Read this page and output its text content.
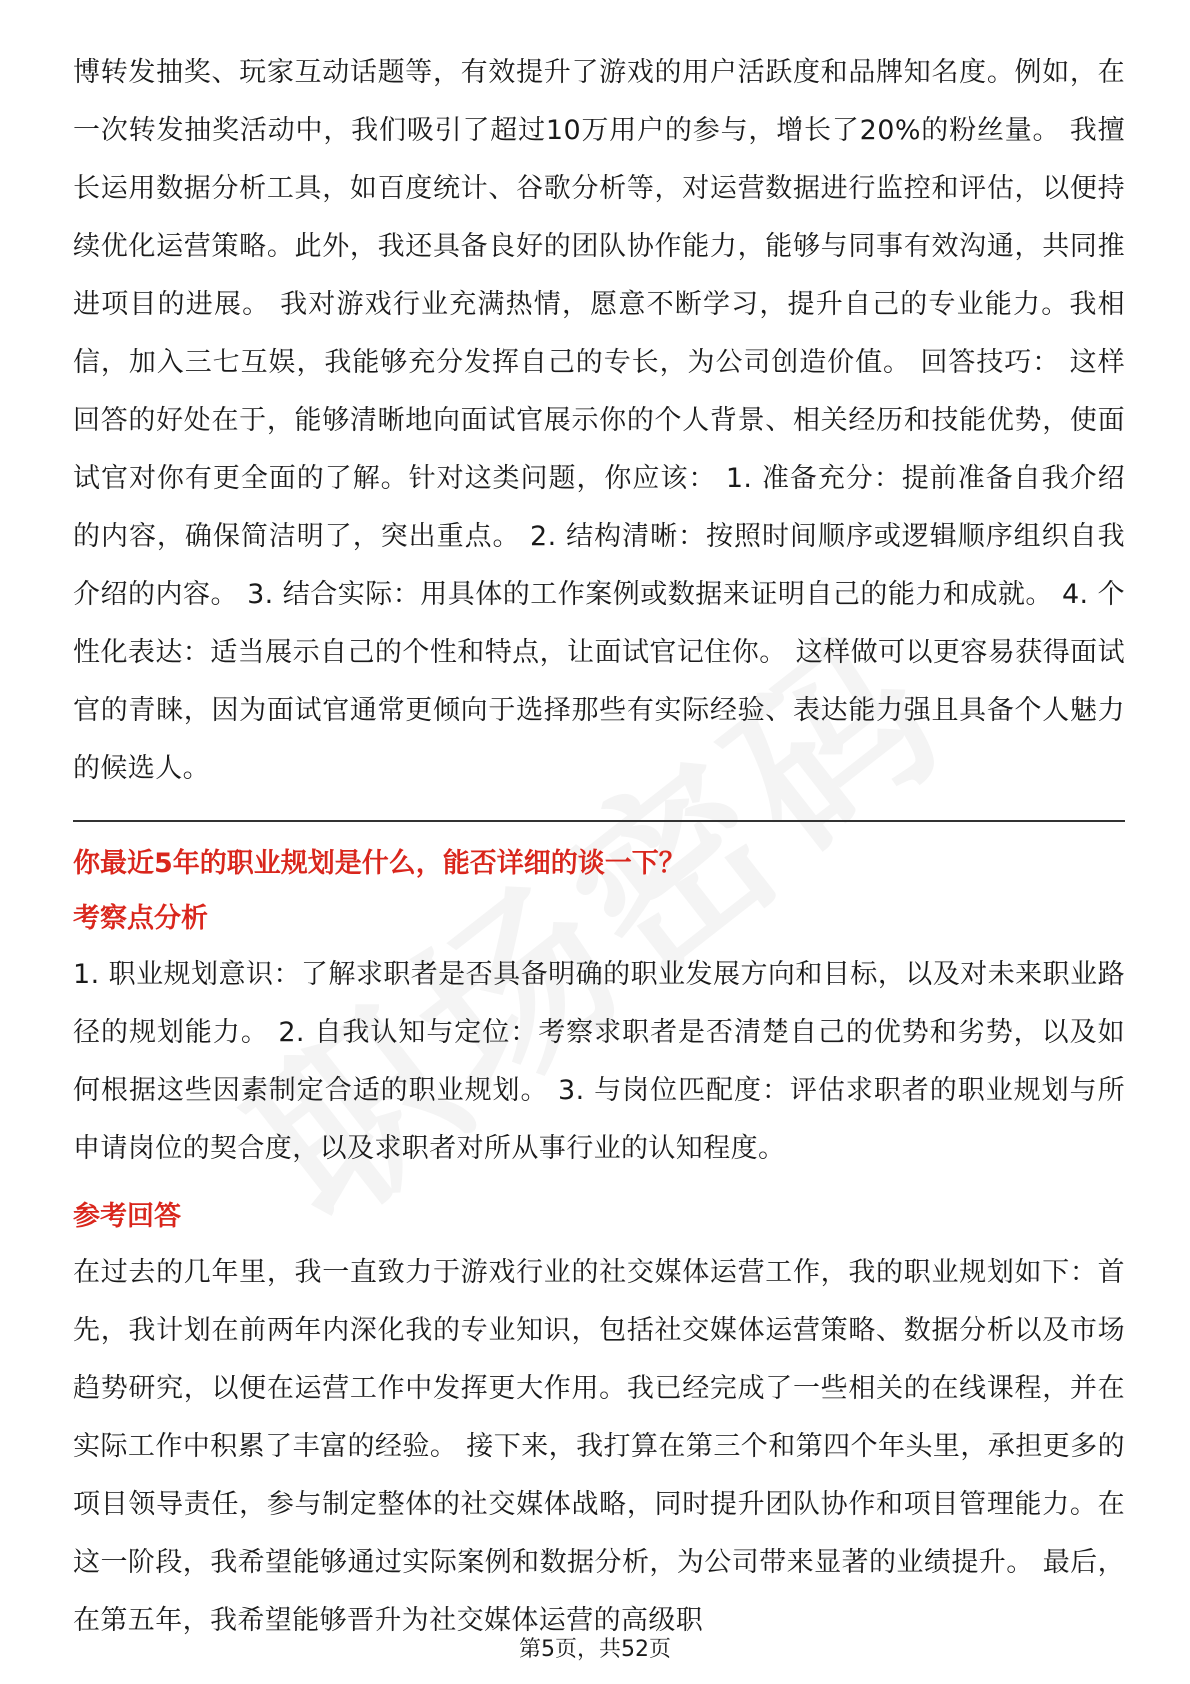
博转发抽奖、玩家互动话题等，有效提升了游戏的用户活跃度和品牌知名度。例如，在一次转发抽奖活动中，我们吸引了超过10万用户的参与，增长了20%的粉丝量。 我擅长运用数据分析工具，如百度统计、谷歌分析等，对运营数据进行监控和评估，以便持续优化运营策略。此外，我还具备良好的团队协作能力，能够与同事有效沟通，共同推进项目的进展。 我对游戏行业充满热情，愿意不断学习，提升自己的专业能力。我相信，加入三七互娱，我能够充分发挥自己的专长，为公司创造价值。 回答技巧： 这样回答的好处在于，能够清晰地向面试官展示你的个人背景、相关经历和技能优势，使面试官对你有更全面的了解。针对这类问题，你应该： 1. 准备充分：提前准备自我介绍的内容，确保简洁明了，突出重点。 2. 结构清晰：按照时间顺序或逻辑顺序组织自我介绍的内容。 3. 结合实际：用具体的工作案例或数据来证明自己的能力和成就。 4. 个性化表达：适当展示自己的个性和特点，让面试官记住你。 这样做可以更容易获得面试官的青睐，因为面试官通常更倾向于选择那些有实际经验、表达能力强且具备个人魅力的候选人。

你最近5年的职业规划是什么，能否详细的谈一下？

考察点分析

1. 职业规划意识：了解求职者是否具备明确的职业发展方向和目标，以及对未来职业路径的规划能力。 2. 自我认知与定位：考察求职者是否清楚自己的优势和劣势，以及如何根据这些因素制定合适的职业规划。 3. 与岗位匹配度：评估求职者的职业规划与所申请岗位的契合度，以及求职者对所从事行业的认知程度。

参考回答

在过去的几年里，我一直致力于游戏行业的社交媒体运营工作，我的职业规划如下：首先，我计划在前两年内深化我的专业知识，包括社交媒体运营策略、数据分析以及市场趋势研究，以便在运营工作中发挥更大作用。我已经完成了一些相关的在线课程，并在实际工作中积累了丰富的经验。 接下来，我打算在第三个和第四个年头里，承担更多的项目领导责任，参与制定整体的社交媒体战略，同时提升团队协作和项目管理能力。在这一阶段，我希望能够通过实际案例和数据分析，为公司带来显著的业绩提升。 最后，在第五年，我希望能够晋升为社交媒体运营的高级职

第5页，共52页
